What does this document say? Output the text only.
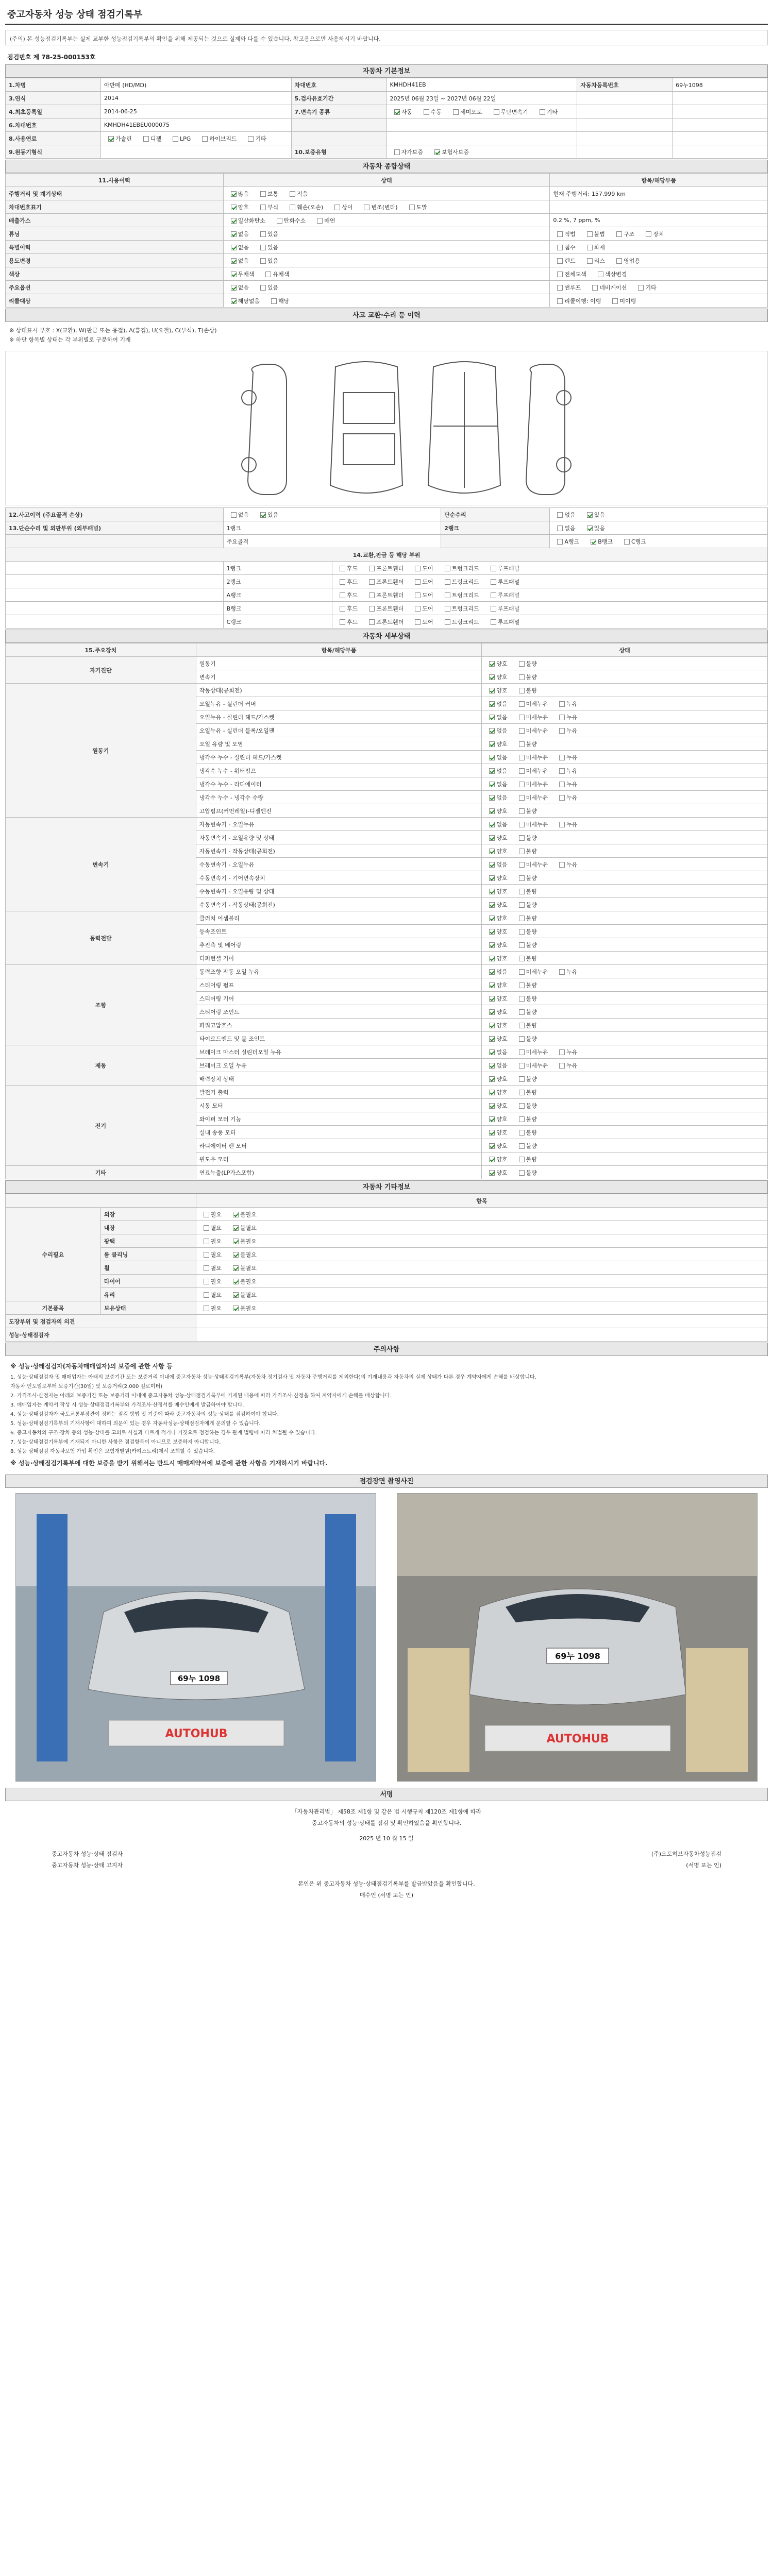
중고자동차 성능 상태 점검기록부
(주의) 본 성능점검기록부는 실제 교부한 성능점검기록부의 확인을 위해 제공되는 것으로 실제와 다를 수 있습니다. 참고용으로만 사용하시기 바랍니다.
점검번호 제 78-25-000153호
자동차 기본정보
1.차명	아반떼 (HD/MD)	차대번호	KMHDH41EB	자동차등록번호	69누1098
3.연식	2014	5.검사유효기간	2025년 06월 23일 ~ 2027년 06월 22일		
4.최초등록일	2014-06-25	7.변속기 종류	자동 수동 세미오토 무단변속기 기타		
6.차대번호	KMHDH41EBEU000075				
8.사용연료	가솔린 디젤 LPG 하이브리드 기타				
9.원동기형식		10.보증유형	자가보증 보험사보증		
자동차 종합상태
11.사용이력	상태	항목/해당부품
주행거리 및 계기상태	많음 보통 적음	현재 주행거리: 157,999 km
차대번호표기	양호 부식 훼손(오손) 상이 변조(변타) 도말	
배출가스	일산화탄소 탄화수소 매연	0.2 %, 7 ppm, %
튜닝	없음 있음	적법 불법 구조 장치
특별이력	없음 있음	침수 화재
용도변경	없음 있음	렌트 리스 영업용
색상	무채색 유채색	전체도색 색상변경
주요옵션	없음 있음	썬루프 네비게이션 기타
리콜대상	해당없음 해당	리콜이행: 이행 미이행
사고 교환·수리 등 이력
※ 상태표시 부호 : X(교환), W(판금 또는 용접), A(흠집), U(요철), C(부식), T(손상)
※ 하단 항목별 상태는 각 부위별로 구분하여 기재
12.사고이력 (주요골격 손상)	없음 있음		단순수리	없음 있음
13.단순수리 및 외판부위 (외부패널)	1랭크		2랭크	없음 있음
	주요골격			A랭크 B랭크 C랭크
14.교환,판금 등 해당 부위				
	1랭크	후드 프론트휀더 도어 트렁크리드 루프패널		
	2랭크	후드 프론트휀더 도어 트렁크리드 루프패널		
	A랭크	후드 프론트휀더 도어 트렁크리드 루프패널		
	B랭크	후드 프론트휀더 도어 트렁크리드 루프패널		
	C랭크	후드 프론트휀더 도어 트렁크리드 루프패널		
자동차 세부상태
15.주요장치	항목/해당부품	상태
자기진단	원동기	양호 불량
	변속기	양호 불량
원동기	작동상태(공회전)	양호 불량
	오일누유 - 실린더 커버	없음 미세누유 누유
	오일누유 - 실린더 헤드/가스켓	없음 미세누유 누유
	오일누유 - 실린더 블록/오일팬	없음 미세누유 누유
	오일 유량 및 오염	양호 불량
	냉각수 누수 - 실린더 헤드/가스켓	없음 미세누유 누유
	냉각수 누수 - 워터펌프	없음 미세누유 누유
	냉각수 누수 - 라디에이터	없음 미세누유 누유
	냉각수 누수 - 냉각수 수량	없음 미세누유 누유
	고압펌프(커먼레일)-디젤엔진	양호 불량
변속기	자동변속기 - 오일누유	없음 미세누유 누유
	자동변속기 - 오일유량 및 상태	양호 불량
	자동변속기 - 작동상태(공회전)	양호 불량
	수동변속기 - 오일누유	없음 미세누유 누유
	수동변속기 - 기어변속장치	양호 불량
	수동변속기 - 오일유량 및 상태	양호 불량
	수동변속기 - 작동상태(공회전)	양호 불량
동력전달	클러치 어셈블리	양호 불량
	등속조인트	양호 불량
	추진축 및 베어링	양호 불량
	디퍼런셜 기어	양호 불량
조향	동력조향 작동 오일 누유	없음 미세누유 누유
	스티어링 펌프	양호 불량
	스티어링 기어	양호 불량
	스티어링 조인트	양호 불량
	파워고압호스	양호 불량
	타이로드엔드 및 볼 조인트	양호 불량
제동	브레이크 마스터 실린더오일 누유	없음 미세누유 누유
	브레이크 오일 누유	없음 미세누유 누유
	배력장치 상태	양호 불량
전기	발전기 출력	양호 불량
	시동 모터	양호 불량
	와이퍼 모터 기능	양호 불량
	실내 송풍 모터	양호 불량
	라디에이터 팬 모터	양호 불량
	윈도우 모터	양호 불량
기타	연료누출(LP가스포함)	양호 불량
자동차 기타정보
		항목
수리필요	외장	필요 불필요
	내장	필요 불필요
	광택	필요 불필요
	룸 클리닝	필요 불필요
	휠	필요 불필요
	타이어	필요 불필요
	유리	필요 불필요
기본품목	보유상태	필요 불필요
도장부위 및 점검자의 의견		
성능·상태점검자		
주의사항
※ 성능·상태점검자(자동차매매업자)의 보증에 관한 사항 등

1. 성능·상태점검자 및 매매업자는 아래의 보증기간 또는 보증거리 이내에 중고자동차 성능·상태점검기록부(자동차 정기검사 및 자동차 주행거리를 제외한다)의 기재내용과 자동차의 실제 상태가 다른 경우 계약자에게 손해를 배상합니다.

자동차 인도일로부터 보증기간(30일) 및 보증거리(2,000 킬로미터)

2. 가격조사·산정자는 아래의 보증기간 또는 보증거리 이내에 중고자동차 성능·상태점검기록부에 기재된 내용에 따라 가격조사·산정을 하여 계약자에게 손해를 배상합니다.

3. 매매업자는 계약서 작성 시 성능·상태점검기록부와 가격조사·산정서를 매수인에게 발급하여야 합니다.

4. 성능·상태점검자가 국토교통부장관이 정하는 점검 방법 및 기준에 따라 중고자동차의 성능·상태를 점검하여야 합니다.

5. 성능·상태점검기록부의 기재사항에 대하여 의문이 있는 경우 자동차성능·상태점검자에게 문의할 수 있습니다.

6. 중고자동차의 구조·장치 등의 성능·상태를 고의로 사실과 다르게 적거나 거짓으로 점검하는 경우 관계 법령에 따라 처벌될 수 있습니다.

7. 성능·상태점검기록부에 기재되지 아니한 사항은 점검항목이 아니므로 보증하지 아니합니다.

8. 성능 상태점검 자동차보험 가입 확인은 보험개발원(카히스토리)에서 조회할 수 있습니다.

※ 성능·상태점검기록부에 대한 보증을 받기 위해서는 반드시 매매계약서에 보증에 관한 사항을 기재하시기 바랍니다.
점검장면 촬영사진
69누 1098
AUTOHUB
69누 1098
AUTOHUB
서명
「자동차관리법」 제58조 제1항 및 같은 법 시행규칙 제120조 제1항에 따라
중고자동차의 성능·상태를 점검 및 확인하였음을 확인합니다.
2025 년 10 월 15 일
중고자동차 성능·상태 점검자	(주)오토허브자동차성능점검
중고자동차 성능·상태 고지자	(서명 또는 인)
본인은 위 중고자동차 성능·상태점검기록부를 발급받았음을 확인합니다.
매수인 (서명 또는 인)
